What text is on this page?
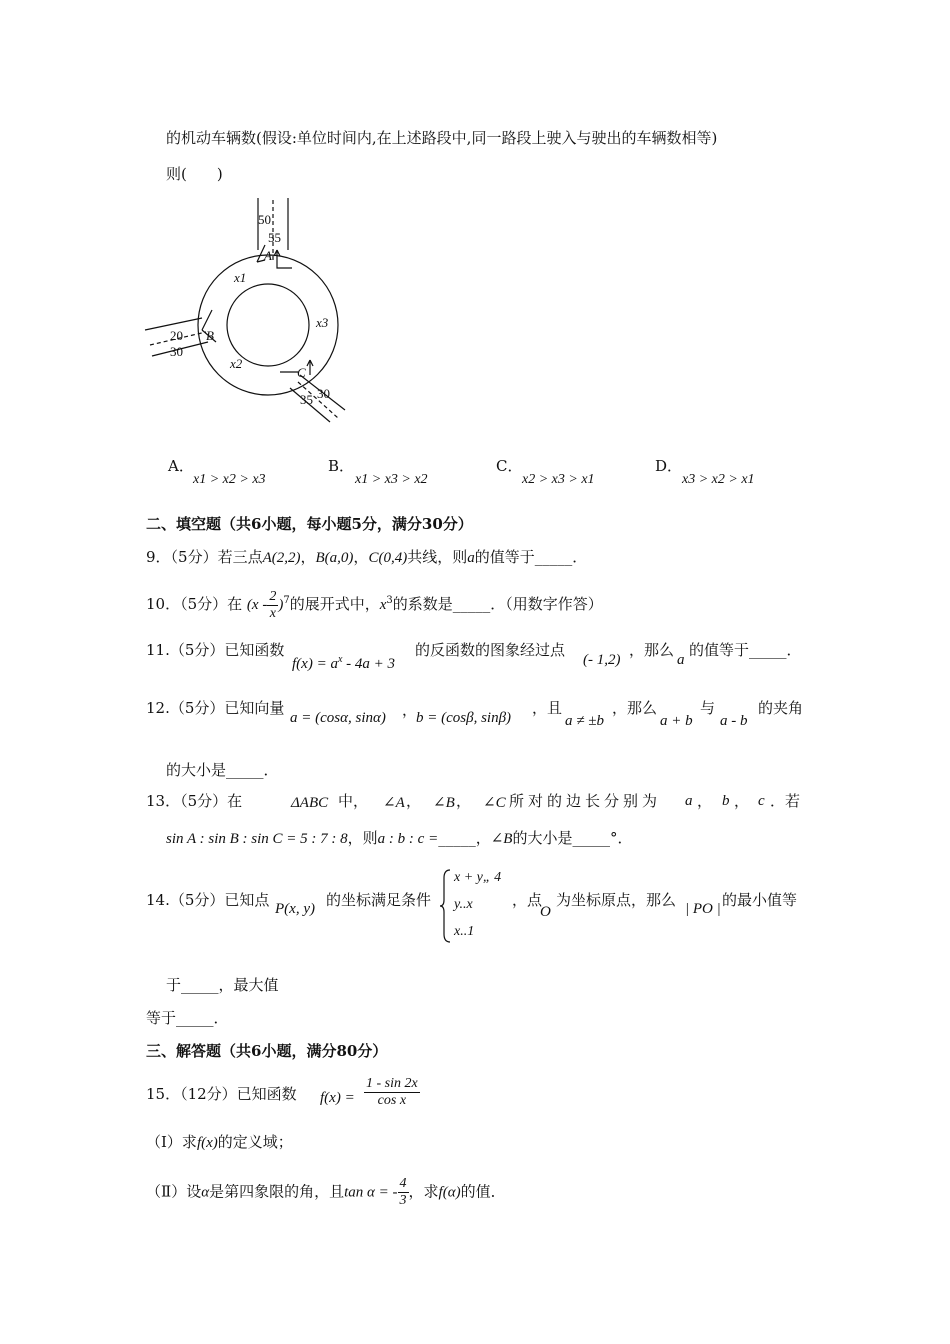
的机动车辆数(假设:单位时间内,在上述路段中,同一路段上驶入与驶出的车辆数相等)
则(　　)
50
55
A
x1
x3
20
30
B
x2
C
30
35
A．
x1 > x2 > x3
B．
x1 > x3 > x2
C．
x2 > x3 > x1
D．
x3 > x2 > x1
二、填空题（共6小题，每小题5分，满分30分）
9．（5分）若三点A(2,2)，B(a,0)，C(0,4)共线，则a的值等于_____．
10．（5分）在 $(x - \frac{2}{x} )^7$的展开式中，$x^3$的系数是_____．（用数字作答）
11.（5分）已知函数
$f(x) = a^x - 4a + 3$
的反函数的图象经过点
(- 1,2)
，那么
a
的值等于_____．
12.（5分）已知向量
a = (cosα, sinα) ，
b = (cosβ, sinβ)
，且
a ≠ ±b
，那么
a + b
与
a - b
的夹角
的大小是_____．
13．（5分）在	ΔABC 中， ∠A ， ∠B ， ∠C 所对的边长分别为 a ， b ， c ．若
sin A : sin B : sin C = 5 : 7 : 8，则a : b : c =_____，∠B的大小是_____°．
14.（5分）已知点 P(x, y) 的坐标满足条件
x + y„ 4
y..x
x..1
，点
O
为坐标原点，那么 | PO | 的最小值等
于_____，最大值
等于_____．
三、解答题（共6小题，满分80分）
15．（12分）已知函数 $f(x) = \frac{1 - \sin 2x}{\text{cos x}}$
（Ⅰ）求f(x)的定义域；
（Ⅱ）设α是第四象限的角，且tan α = - $\frac{4}{3}$ ，求f(α)的值．
